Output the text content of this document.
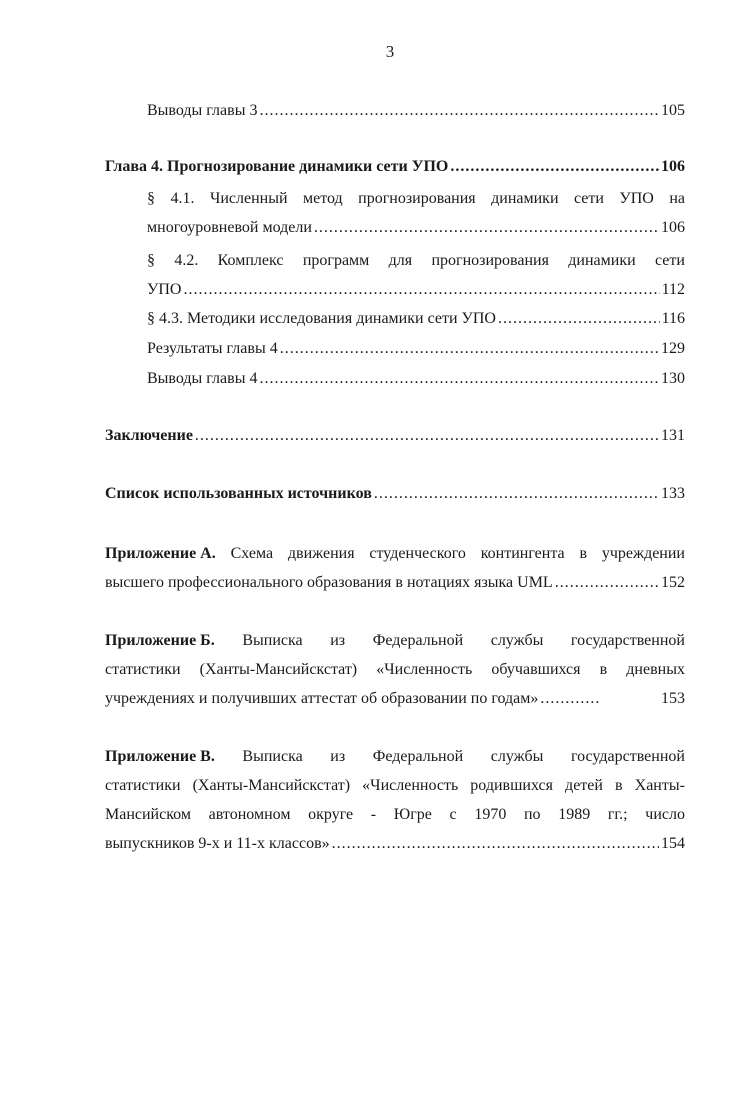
3
Выводы главы 3 .....	105
Глава 4. Прогнозирование динамики сети УПО .....	106
§ 4.1. Численный метод прогнозирования динамики сети УПО на
многоуровневой модели .....	106
§ 4.2. Комплекс программ для прогнозирования динамики сети
УПО .....	112
§ 4.3. Методики исследования динамики сети УПО .....	116
Результаты главы 4 .....	129
Выводы главы 4 .....	130
Заключение .....	131
Список использованных источников .....	133
Приложение А. Схема движения студенческого контингента в учреждении
высшего профессионального образования в нотациях языка UML .....	152
Приложение Б. Выписка из Федеральной службы государственной
статистики (Ханты-Мансийскстат) «Численность обучавшихся в дневных
учреждениях и получивших аттестат об образовании по годам» .....	153
Приложение В. Выписка из Федеральной службы государственной
статистики (Ханты-Мансийскстат) «Численность родившихся детей в Ханты-
Мансийском автономном округе - Югре с 1970 по 1989 гг.; число
выпускников 9-х и 11-х классов» .....	154
